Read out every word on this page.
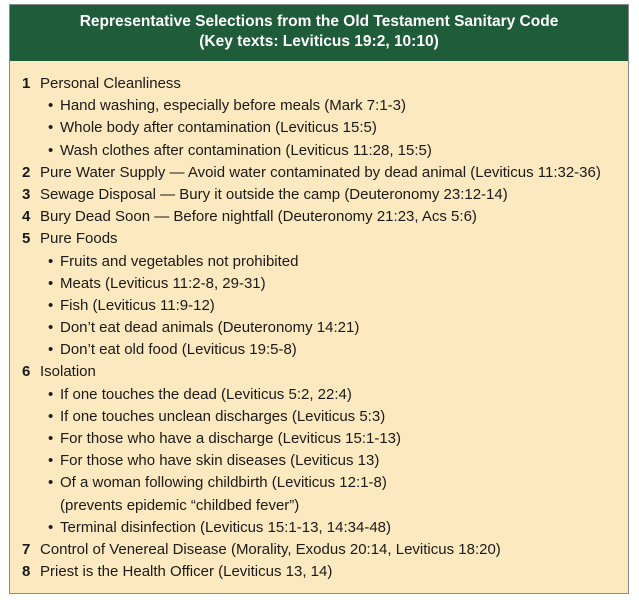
Representative Selections from the Old Testament Sanitary Code
(Key texts: Leviticus 19:2, 10:10)
1 Personal Cleanliness
• Hand washing, especially before meals (Mark 7:1-3)
• Whole body after contamination (Leviticus 15:5)
• Wash clothes after contamination (Leviticus 11:28, 15:5)
2 Pure Water Supply — Avoid water contaminated by dead animal (Leviticus 11:32-36)
3 Sewage Disposal — Bury it outside the camp (Deuteronomy 23:12-14)
4 Bury Dead Soon — Before nightfall (Deuteronomy 21:23, Acs 5:6)
5 Pure Foods
• Fruits and vegetables not prohibited
• Meats (Leviticus 11:2-8, 29-31)
• Fish (Leviticus 11:9-12)
• Don’t eat dead animals (Deuteronomy 14:21)
• Don’t eat old food (Leviticus 19:5-8)
6 Isolation
• If one touches the dead (Leviticus 5:2, 22:4)
• If one touches unclean discharges (Leviticus 5:3)
• For those who have a discharge (Leviticus 15:1-13)
• For those who have skin diseases (Leviticus 13)
• Of a woman following childbirth (Leviticus 12:1-8)
(prevents epidemic “childbed fever”)
• Terminal disinfection (Leviticus 15:1-13, 14:34-48)
7 Control of Venereal Disease (Morality, Exodus 20:14, Leviticus 18:20)
8 Priest is the Health Officer (Leviticus 13, 14)
